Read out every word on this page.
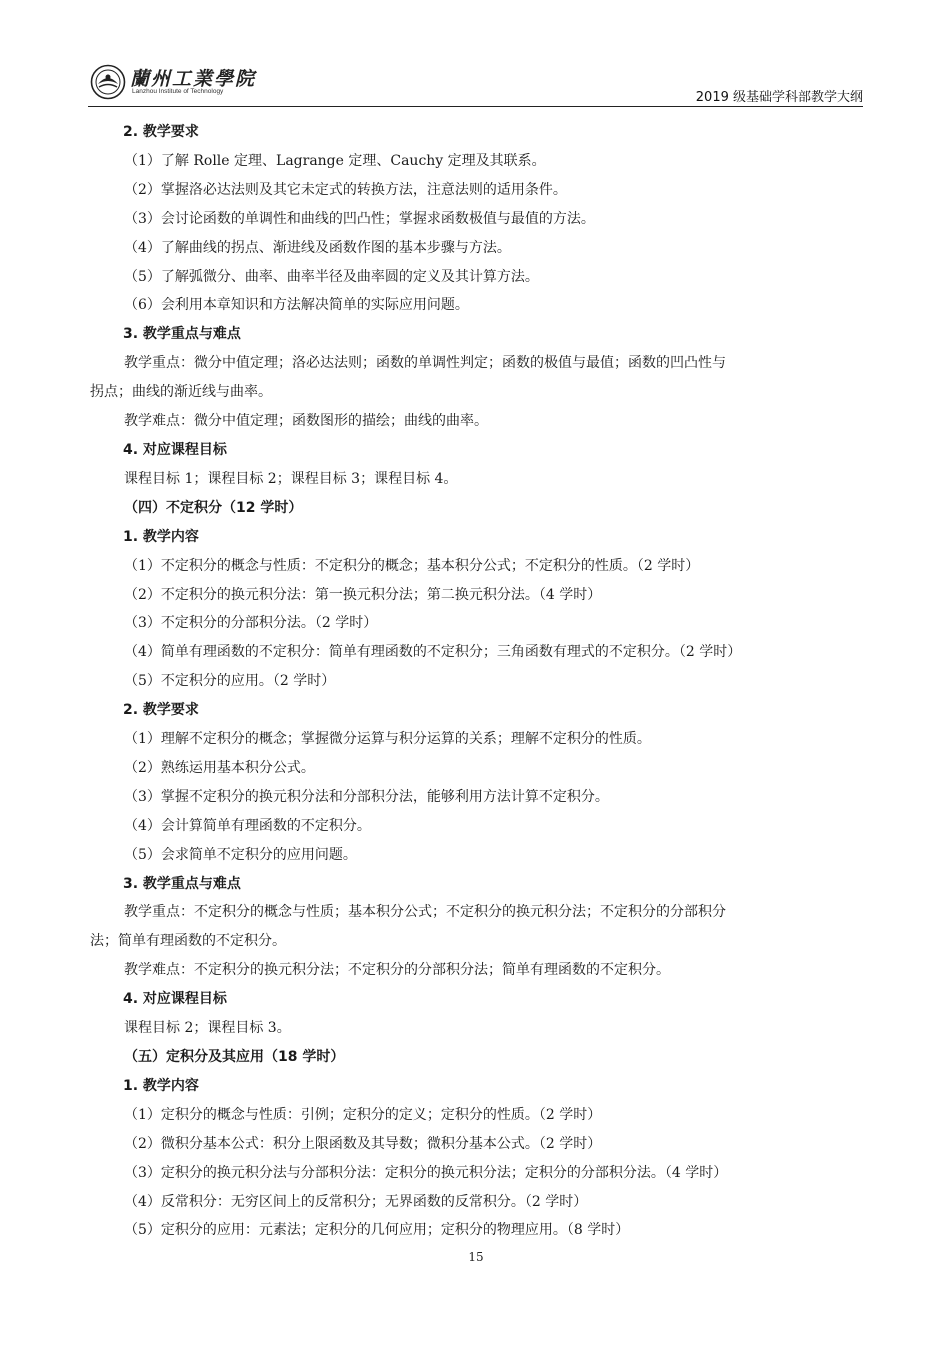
蘭州工業學院
Lanzhou Institute of Technology	2019 级基础学科部教学大纲
2. 教学要求
（1）了解 Rolle 定理、Lagrange 定理、Cauchy 定理及其联系。
（2）掌握洛必达法则及其它未定式的转换方法，注意法则的适用条件。
（3）会讨论函数的单调性和曲线的凹凸性；掌握求函数极值与最值的方法。
（4）了解曲线的拐点、渐进线及函数作图的基本步骤与方法。
（5）了解弧微分、曲率、曲率半径及曲率圆的定义及其计算方法。
（6）会利用本章知识和方法解决简单的实际应用问题。
3. 教学重点与难点
教学重点：微分中值定理；洛必达法则；函数的单调性判定；函数的极值与最值；函数的凹凸性与
拐点；曲线的渐近线与曲率。
教学难点：微分中值定理；函数图形的描绘；曲线的曲率。
4. 对应课程目标
课程目标 1；课程目标 2；课程目标 3；课程目标 4。
（四）不定积分（12 学时）
1. 教学内容
（1）不定积分的概念与性质：不定积分的概念；基本积分公式；不定积分的性质。（2 学时）
（2）不定积分的换元积分法：第一换元积分法；第二换元积分法。（4 学时）
（3）不定积分的分部积分法。（2 学时）
（4）简单有理函数的不定积分：简单有理函数的不定积分；三角函数有理式的不定积分。（2 学时）
（5）不定积分的应用。（2 学时）
2. 教学要求
（1）理解不定积分的概念；掌握微分运算与积分运算的关系；理解不定积分的性质。
（2）熟练运用基本积分公式。
（3）掌握不定积分的换元积分法和分部积分法，能够利用方法计算不定积分。
（4）会计算简单有理函数的不定积分。
（5）会求简单不定积分的应用问题。
3. 教学重点与难点
教学重点：不定积分的概念与性质；基本积分公式；不定积分的换元积分法；不定积分的分部积分
法；简单有理函数的不定积分。
教学难点：不定积分的换元积分法；不定积分的分部积分法；简单有理函数的不定积分。
4. 对应课程目标
课程目标 2；课程目标 3。
（五）定积分及其应用（18 学时）
1. 教学内容
（1）定积分的概念与性质：引例；定积分的定义；定积分的性质。（2 学时）
（2）微积分基本公式：积分上限函数及其导数；微积分基本公式。（2 学时）
（3）定积分的换元积分法与分部积分法：定积分的换元积分法；定积分的分部积分法。（4 学时）
（4）反常积分：无穷区间上的反常积分；无界函数的反常积分。（2 学时）
（5）定积分的应用：元素法；定积分的几何应用；定积分的物理应用。（8 学时）
15
